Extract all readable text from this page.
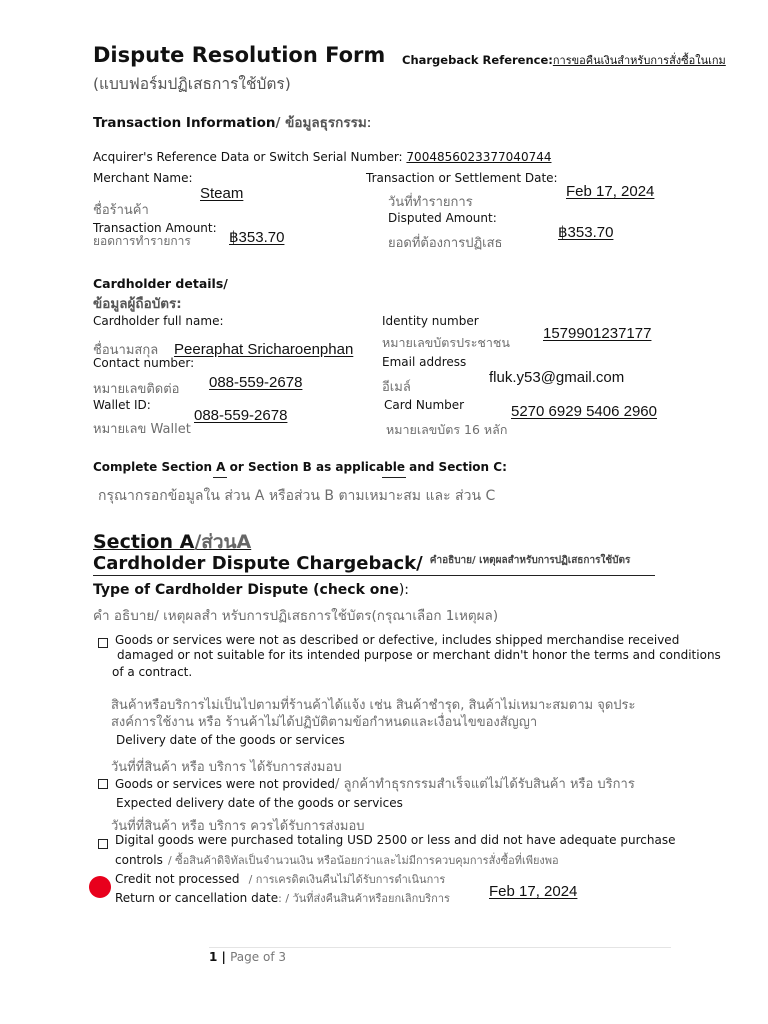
Dispute Resolution Form
(แบบฟอร์มปฏิเสธการใช้บัตร)
Chargeback Reference:การขอคืนเงินสำหรับการสั่งซื้อในเกม
Transaction Information/ ข้อมูลธุรกรรม:
Acquirer's Reference Data or Switch Serial Number: 7004856023377040744
Merchant Name:
ชื่อร้านค้า
Steam
Transaction or Settlement Date:
วันที่ทำรายการ
Feb 17, 2024
Transaction Amount:
ยอดการทำรายการ	฿353.70
Disputed Amount:
ยอดที่ต้องการปฏิเสธ
฿353.70
Cardholder details/
ข้อมูลผู้ถือบัตร:
Cardholder full name:
ชื่อนามสกุล Peeraphat Sricharoenphan
Identity number
หมายเลขบัตรประชาชน
1579901237177
Contact number:
หมายเลขติดต่อ 088-559-2678
Email address
อีเมล์
fluk.y53@gmail.com
Wallet ID:
หมายเลข Wallet
088-559-2678
Card Number
หมายเลขบัตร 16 หลัก
5270 6929 5406 2960
Complete Section A or Section B as applicable and Section C:
กรุณากรอกข้อมูลใน ส่วน A หรือส่วน B ตามเหมาะสม และ ส่วน C
Section A/ส่วนA
Cardholder Dispute Chargeback/ $^{คำอธิบาย/ เหตุผลสำหรับการปฏิเสธการใช้บัตร}$
Type of Cardholder Dispute (check one):
คำ อธิบาย/ เหตุผลสำ หรับการปฏิเสธการใช้บัตร(กรุณาเลือก 1เหตุผล)
Goods or services were not as described or defective, includes shipped merchandise received
damaged or not suitable for its intended purpose or merchant didn't honor the terms and conditions
of a contract.
สินค้าหรือบริการไม่เป็นไปตามที่ร้านค้าได้แจ้ง เช่น สินค้าชำรุด, สินค้าไม่เหมาะสมตาม จุดประ
สงค์การใช้งาน หรือ ร้านค้าไม่ได้ปฏิบัติตามข้อกำหนดและเงื่อนไขของสัญญา
Delivery date of the goods or services
วันที่ที่สินค้า หรือ บริการ ได้รับการส่งมอบ
Goods or services were not provided/ ลูกค้าทำธุรกรรมสำเร็จแต่ไม่ได้รับสินค้า หรือ บริการ
Expected delivery date of the goods or services
วันที่ที่สินค้า หรือ บริการ ควรได้รับการส่งมอบ
Digital goods were purchased totaling USD 2500 or less and did not have adequate purchase
controls / ซื้อสินค้าดิจิทัลเป็นจำนวนเงิน หรือน้อยกว่าและไม่มีการควบคุมการสั่งซื้อที่เพียงพอ
Credit not processed / การเครดิตเงินคืนไม่ได้รับการดำเนินการ
Return or cancellation date: / วันที่ส่งคืนสินค้าหรือยกเลิกบริการ	Feb 17, 2024
1 | Page of 3
